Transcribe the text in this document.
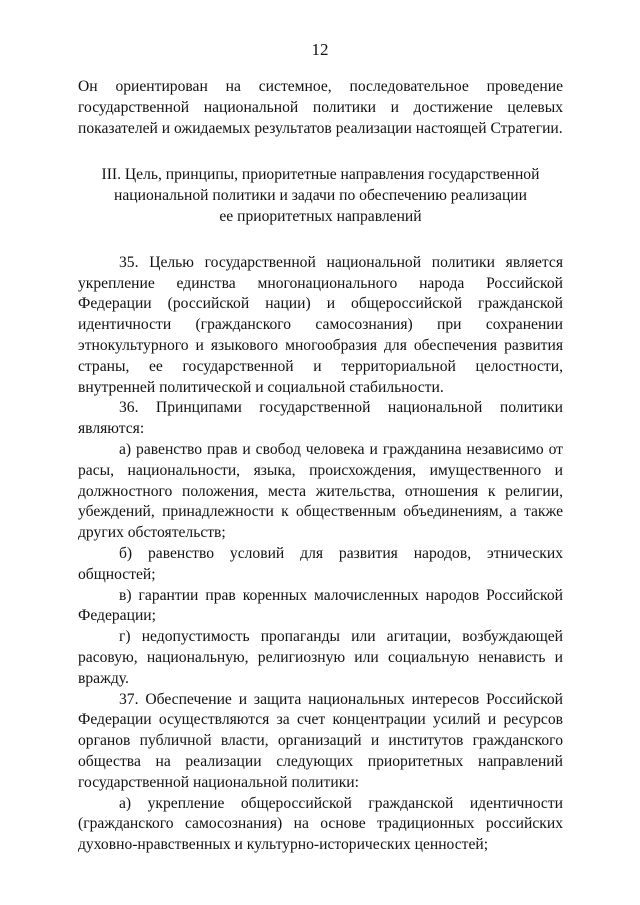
12

Он ориентирован на системное, последовательное проведение государственной национальной политики и достижение целевых показателей и ожидаемых результатов реализации настоящей Стратегии.

III. Цель, принципы, приоритетные направления государственной
национальной политики и задачи по обеспечению реализации
ее приоритетных направлений

35. Целью государственной национальной политики является укрепление единства многонационального народа Российской Федерации (российской нации) и общероссийской гражданской идентичности (гражданского самосознания) при сохранении этнокультурного и языкового многообразия для обеспечения развития страны, ее государственной и территориальной целостности, внутренней политической и социальной стабильности.

36. Принципами государственной национальной политики являются:

а) равенство прав и свобод человека и гражданина независимо от расы, национальности, языка, происхождения, имущественного и должностного положения, места жительства, отношения к религии, убеждений, принадлежности к общественным объединениям, а также других обстоятельств;

б) равенство условий для развития народов, этнических общностей;

в) гарантии прав коренных малочисленных народов Российской Федерации;

г) недопустимость пропаганды или агитации, возбуждающей расовую, национальную, религиозную или социальную ненависть и вражду.

37. Обеспечение и защита национальных интересов Российской Федерации осуществляются за счет концентрации усилий и ресурсов органов публичной власти, организаций и институтов гражданского общества на реализации следующих приоритетных направлений государственной национальной политики:

а) укрепление общероссийской гражданской идентичности (гражданского самосознания) на основе традиционных российских духовно-нравственных и культурно-исторических ценностей;
